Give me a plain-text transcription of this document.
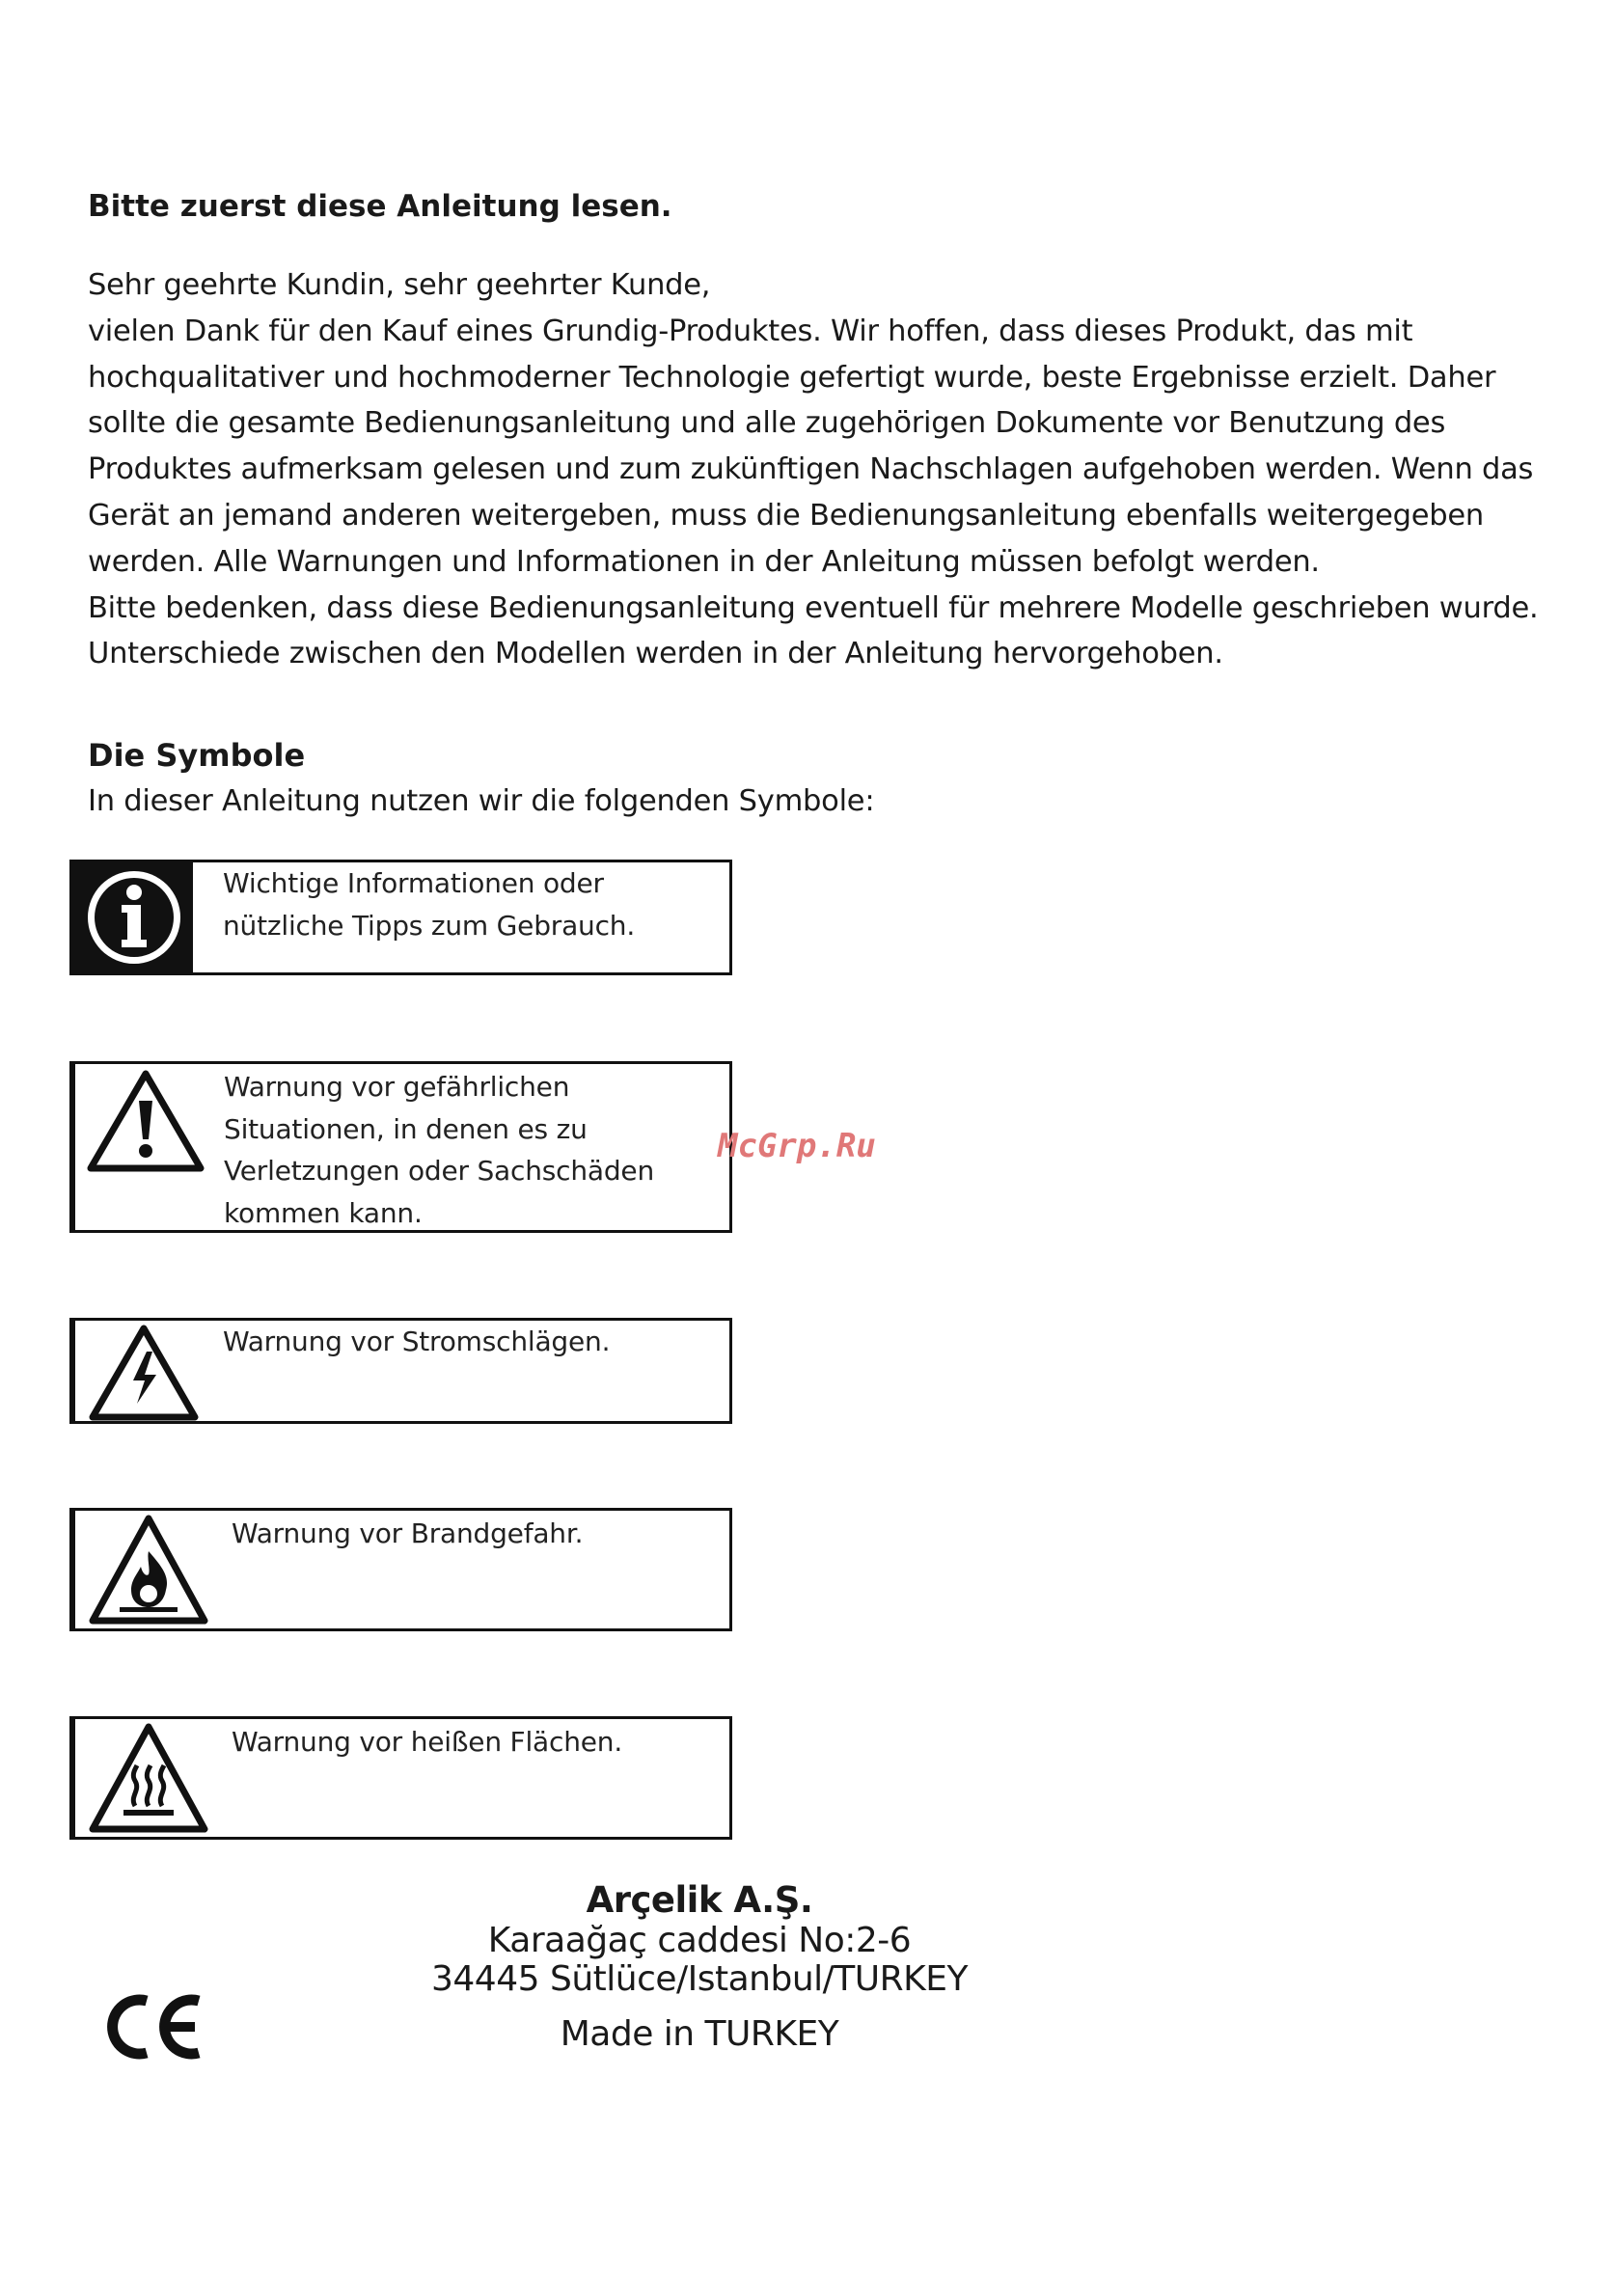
Bitte zuerst diese Anleitung lesen.

Sehr geehrte Kundin, sehr geehrter Kunde,

vielen Dank für den Kauf eines Grundig-Produktes. Wir hoffen, dass dieses Produkt, das mit hochqualitativer und hochmoderner Technologie gefertigt wurde, beste Ergebnisse erzielt. Daher sollte die gesamte Bedienungsanleitung und alle zugehörigen Dokumente vor Benutzung des Produktes aufmerksam gelesen und zum zukünftigen Nachschlagen aufgehoben werden. Wenn das Gerät an jemand anderen weitergeben, muss die Bedienungsanleitung ebenfalls weitergegeben werden. Alle Warnungen und Informationen in der Anleitung müssen befolgt werden.

Bitte bedenken, dass diese Bedienungsanleitung eventuell für mehrere Modelle geschrieben wurde. Unterschiede zwischen den Modellen werden in der Anleitung hervorgehoben.

Die Symbole

In dieser Anleitung nutzen wir die folgenden Symbole:

Wichtige Informationen oder
nützliche Tipps zum Gebrauch.
Warnung vor gefährlichen
Situationen, in denen es zu
Verletzungen oder Sachschäden
kommen kann.
Warnung vor Stromschlägen.
Warnung vor Brandgefahr.
Warnung vor heißen Flächen.
McGrp.Ru
Arçelik A.Ş.
Karaağaç caddesi No:2-6
34445 Sütlüce/Istanbul/TURKEY
Made in TURKEY
